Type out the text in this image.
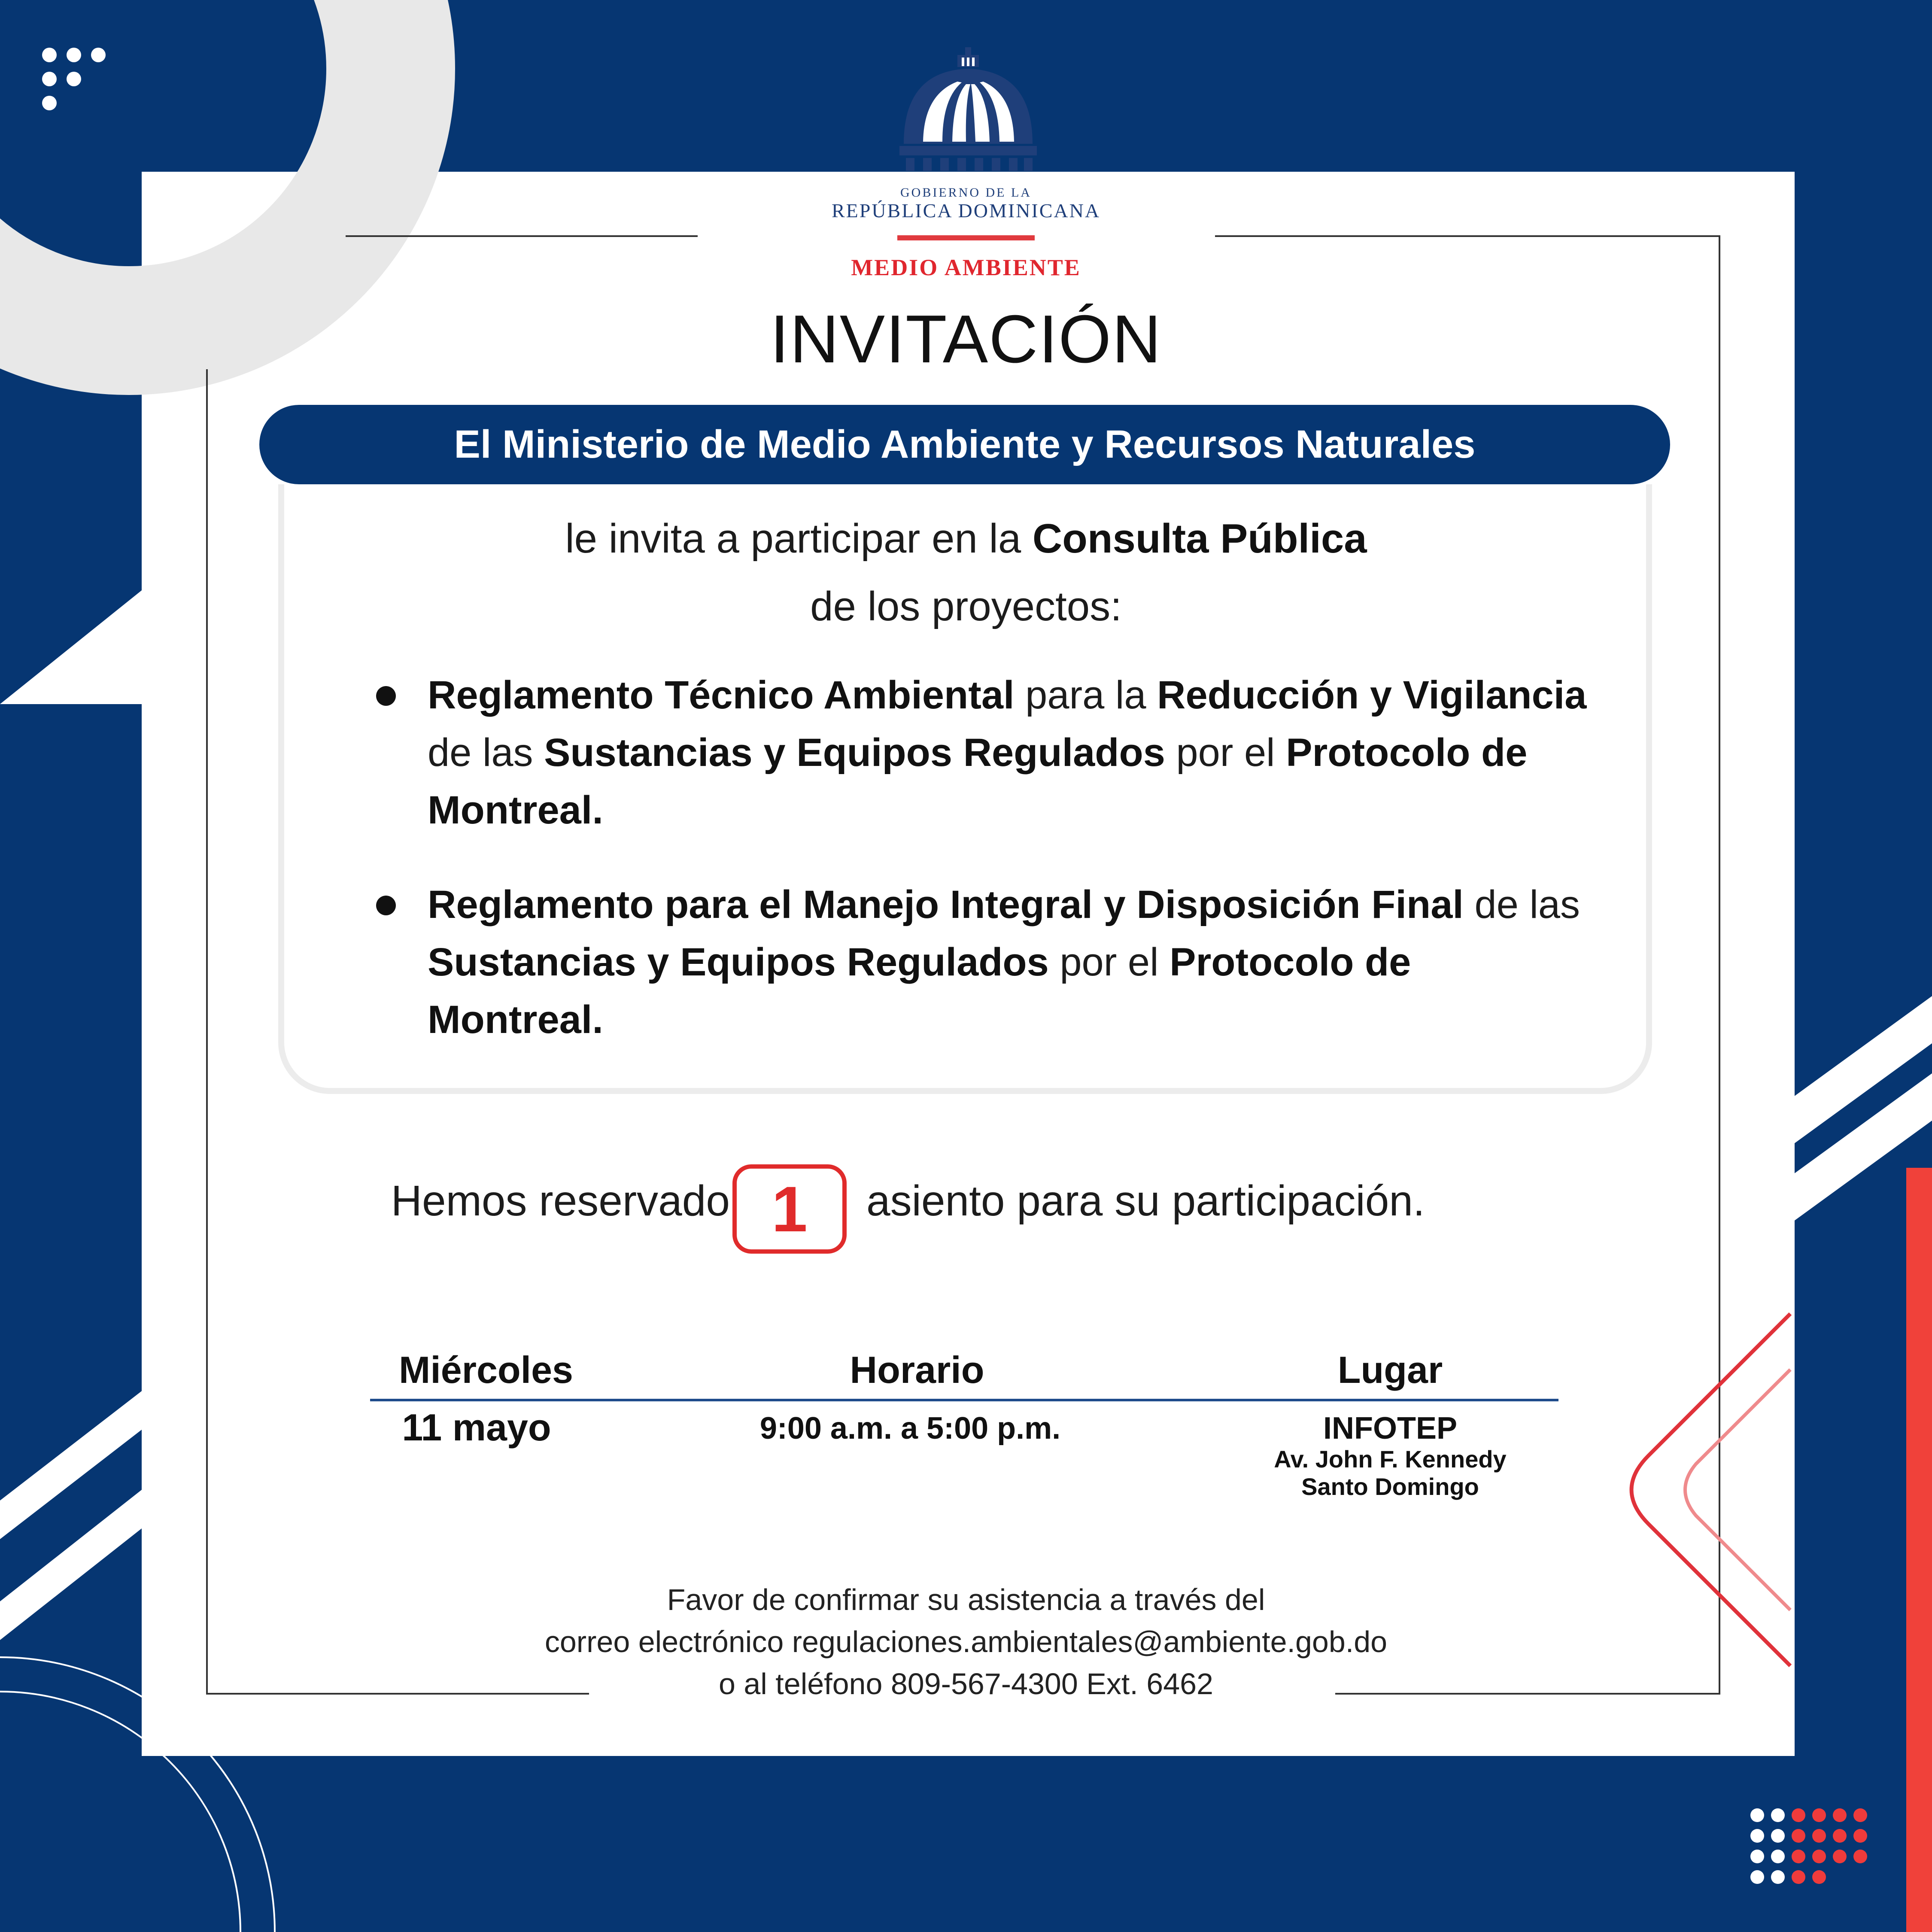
GOBIERNO DE LA
REPÚBLICA DOMINICANA
MEDIO AMBIENTE
INVITACIÓN
El Ministerio de Medio Ambiente y Recursos Naturales
le invita a participar en la Consulta Pública
de los proyectos:
Reglamento Técnico Ambiental para la Reducción y Vigilancia de las Sustancias y Equipos Regulados por el Protocolo de Montreal.
Reglamento para el Manejo Integral y Disposición Final de las Sustancias y Equipos Regulados por el Protocolo de Montreal.
Hemos reservado 1	asiento para su participación.
Miércoles	Horario	Lugar
11 mayo	9:00 a.m. a 5:00 p.m.	INFOTEP
Av. John F. Kennedy
Santo Domingo
Favor de confirmar su asistencia a través del
correo electrónico regulaciones.ambientales@ambiente.gob.do
o al teléfono 809-567-4300 Ext. 6462
